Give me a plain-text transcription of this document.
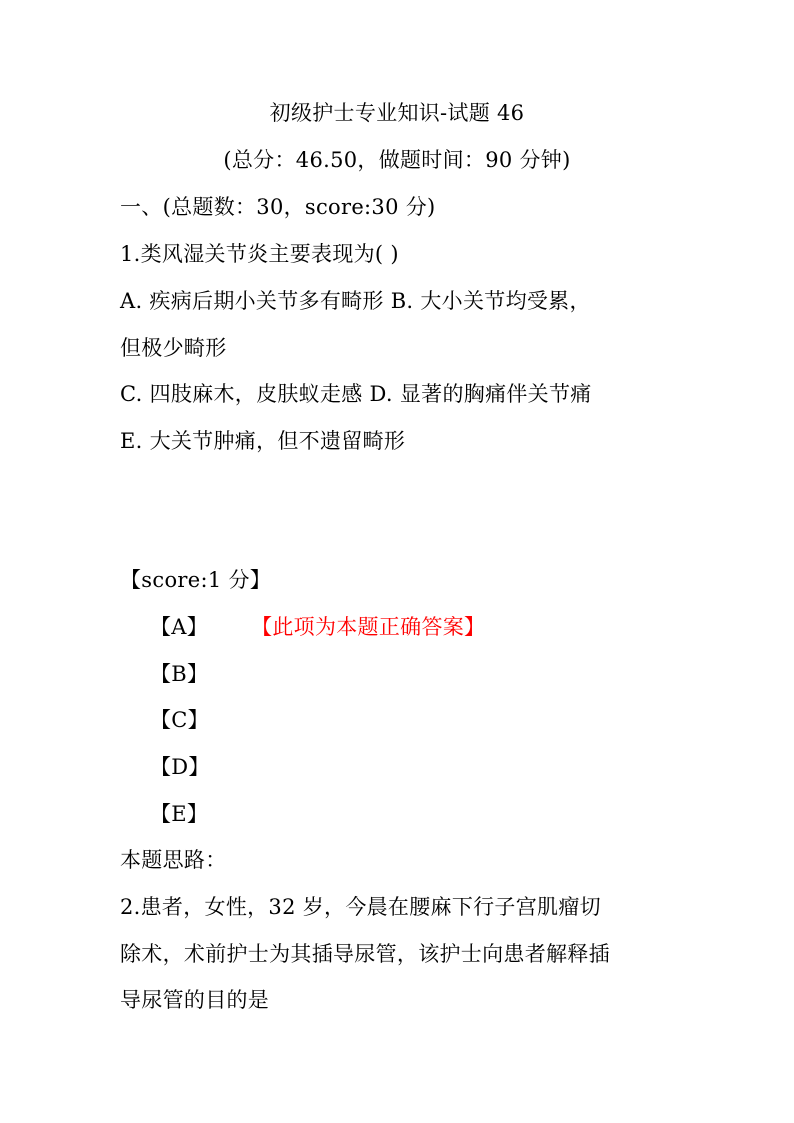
初级护士专业知识-试题 46
(总分：46.50，做题时间：90 分钟)
一、(总题数：30，score:30 分)
1.类风湿关节炎主要表现为( )
A. 疾病后期小关节多有畸形 B. 大小关节均受累，
但极少畸形
C. 四肢麻木，皮肤蚁走感 D. 显著的胸痛伴关节痛
E. 大关节肿痛，但不遗留畸形
【score:1 分】
【A】 【此项为本题正确答案】
【B】
【C】
【D】
【E】
本题思路：
2.患者，女性，32 岁，今晨在腰麻下行子宫肌瘤切
除术，术前护士为其插导尿管，该护士向患者解释插
导尿管的目的是
